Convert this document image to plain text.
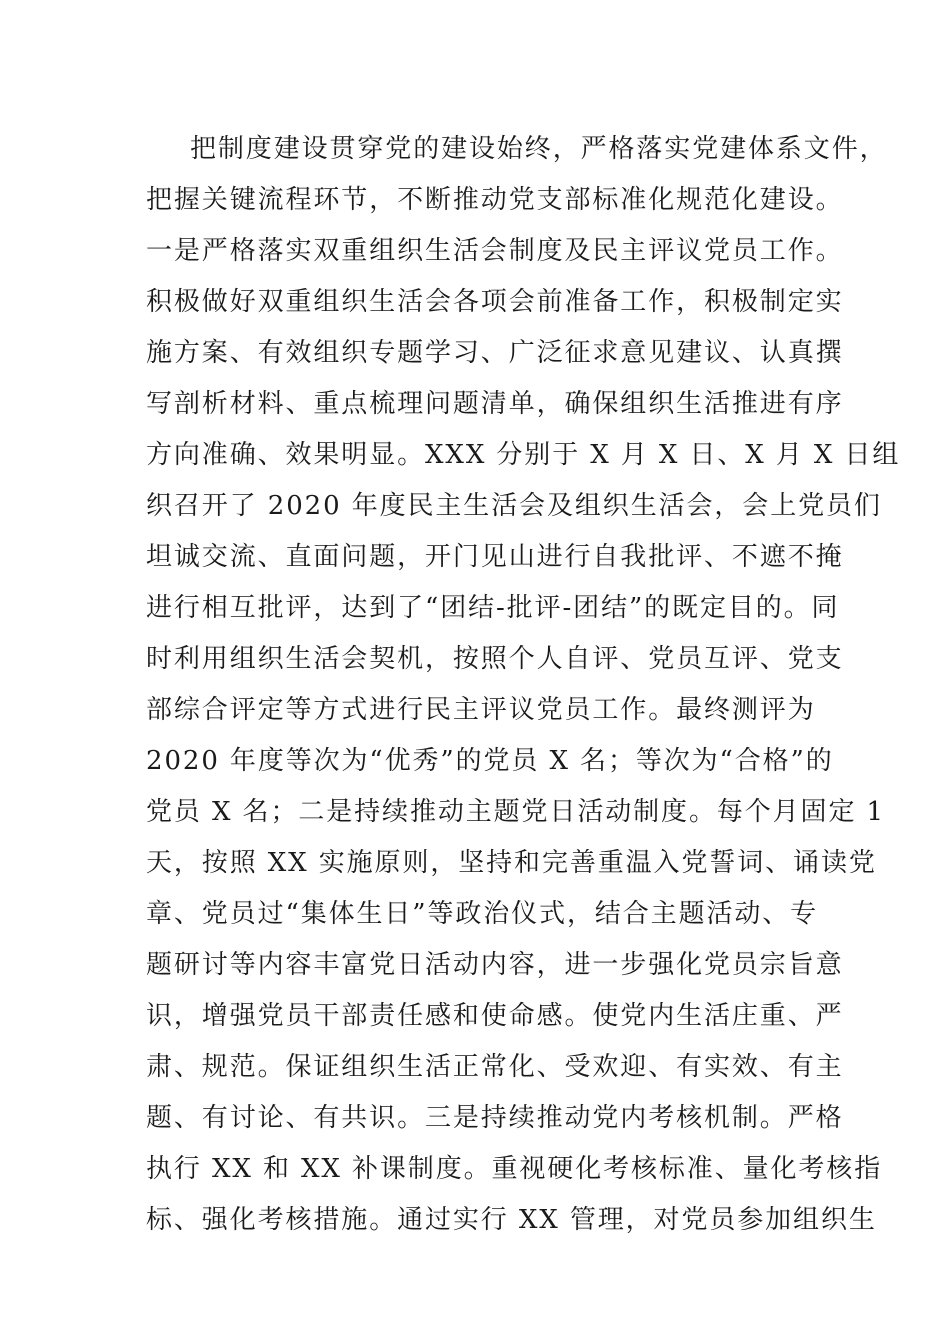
把制度建设贯穿党的建设始终，严格落实党建体系文件，
把握关键流程环节，不断推动党支部标准化规范化建设。
一是严格落实双重组织生活会制度及民主评议党员工作。
积极做好双重组织生活会各项会前准备工作，积极制定实
施方案、有效组织专题学习、广泛征求意见建议、认真撰
写剖析材料、重点梳理问题清单，确保组织生活推进有序
方向准确、效果明显。XXX 分别于 X 月 X 日、X 月 X 日组
织召开了 2020 年度民主生活会及组织生活会，会上党员们
坦诚交流、直面问题，开门见山进行自我批评、不遮不掩
进行相互批评，达到了“团结-批评-团结”的既定目的。同
时利用组织生活会契机，按照个人自评、党员互评、党支
部综合评定等方式进行民主评议党员工作。最终测评为
2020 年度等次为“优秀”的党员 X 名；等次为“合格”的
党员 X 名；二是持续推动主题党日活动制度。每个月固定 1
天，按照 XX 实施原则，坚持和完善重温入党誓词、诵读党
章、党员过“集体生日”等政治仪式，结合主题活动、专
题研讨等内容丰富党日活动内容，进一步强化党员宗旨意
识，增强党员干部责任感和使命感。使党内生活庄重、严
肃、规范。保证组织生活正常化、受欢迎、有实效、有主
题、有讨论、有共识。三是持续推动党内考核机制。严格
执行 XX 和 XX 补课制度。重视硬化考核标准、量化考核指
标、强化考核措施。通过实行 XX 管理，对党员参加组织生
